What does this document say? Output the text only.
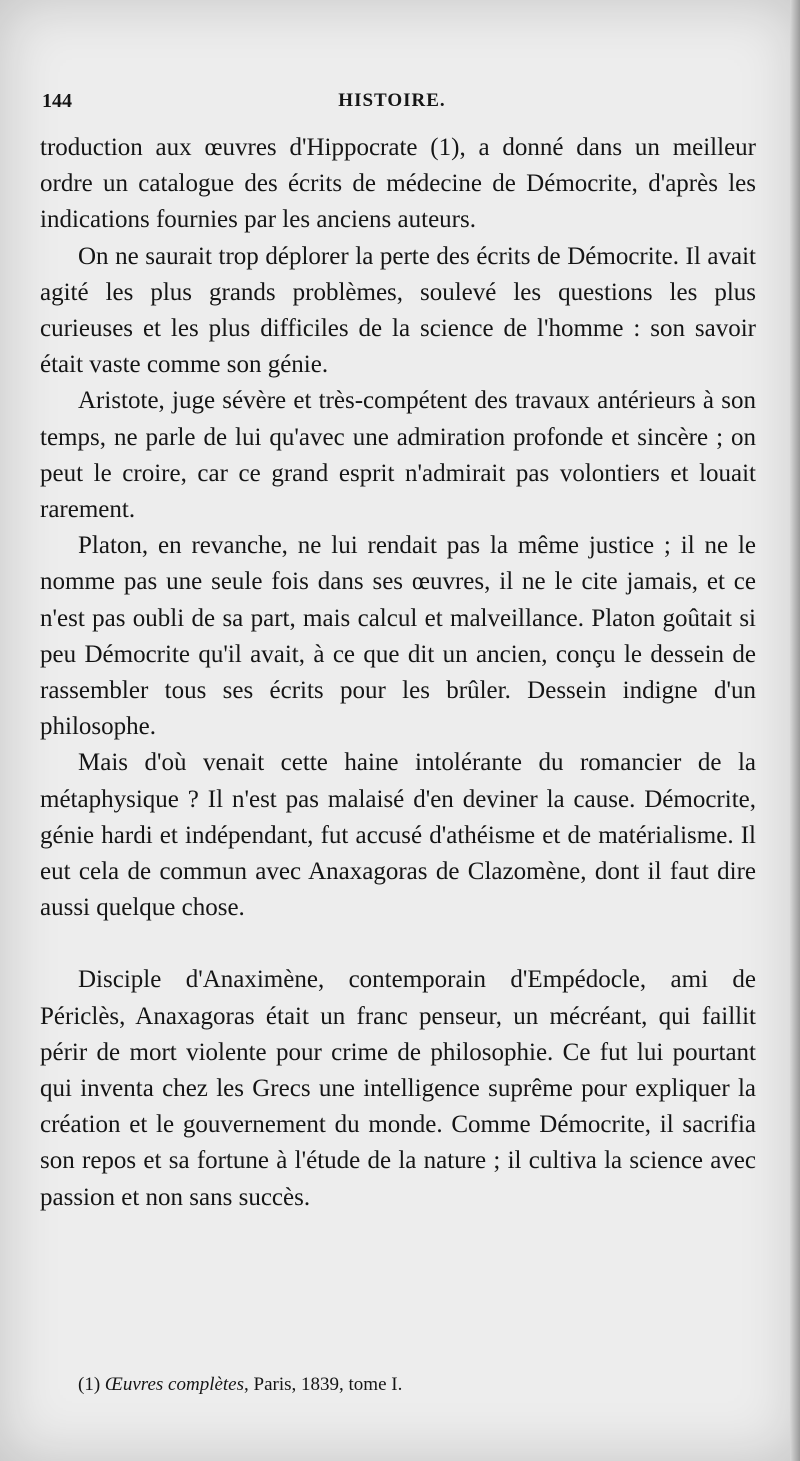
144	HISTOIRE.

troduction aux œuvres d'Hippocrate (1), a donné dans un meilleur ordre un catalogue des écrits de médecine de Démocrite, d'après les indications fournies par les anciens auteurs.

On ne saurait trop déplorer la perte des écrits de Démocrite. Il avait agité les plus grands problèmes, soulevé les questions les plus curieuses et les plus difficiles de la science de l'homme : son savoir était vaste comme son génie.

Aristote, juge sévère et très-compétent des travaux antérieurs à son temps, ne parle de lui qu'avec une admiration profonde et sincère ; on peut le croire, car ce grand esprit n'admirait pas volontiers et louait rarement.

Platon, en revanche, ne lui rendait pas la même justice ; il ne le nomme pas une seule fois dans ses œuvres, il ne le cite jamais, et ce n'est pas oubli de sa part, mais calcul et malveillance. Platon goûtait si peu Démocrite qu'il avait, à ce que dit un ancien, conçu le dessein de rassembler tous ses écrits pour les brûler. Dessein indigne d'un philosophe.

Mais d'où venait cette haine intolérante du romancier de la métaphysique ? Il n'est pas malaisé d'en deviner la cause. Démocrite, génie hardi et indépendant, fut accusé d'athéisme et de matérialisme. Il eut cela de commun avec Anaxagoras de Clazomène, dont il faut dire aussi quelque chose.

Disciple d'Anaximène, contemporain d'Empédocle, ami de Périclès, Anaxagoras était un franc penseur, un mécréant, qui faillit périr de mort violente pour crime de philosophie. Ce fut lui pourtant qui inventa chez les Grecs une intelligence suprême pour expliquer la création et le gouvernement du monde. Comme Démocrite, il sacrifia son repos et sa fortune à l'étude de la nature ; il cultiva la science avec passion et non sans succès.

(1) Œuvres complètes, Paris, 1839, tome I.
